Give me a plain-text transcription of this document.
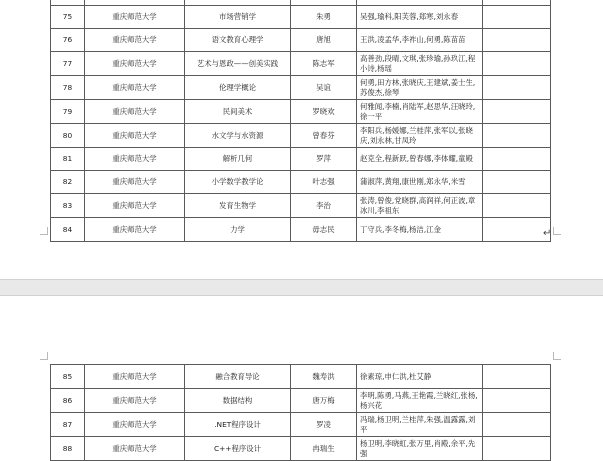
75	重庆师范大学	市场营销学	朱勇	吴强,瑜科,阳芙蓉,郑寒,刘永春	
76	重庆师范大学	语文教育心理学	唐旭	王洪,凌孟华,李祚山,何勇,陈苗苗	
77	重庆师范大学	艺术与恩政——创美实践	陈志军	高善劲,段晴,文琪,张珍瑜,孙玖江,程小诗,杨瑶	
78	重庆师范大学	伦理学概论	吴谊	何勇,田方林,张晓庆,王建斌,姜士生,苏俊杰,徐琴	
79	重庆师范大学	民间美术	罗晓欢	何雅闻,李楠,肖陆军,赵思华,汪晓玲,徐一平	
80	重庆师范大学	水文学与水资源	曾春芬	李阳兵,杨媛娜,兰桂萍,张军以,张晓庆,刘永林,甘凤玲	
81	重庆师范大学	解析几何	罗萍	赵克全,程新跃,曾春娜,李体耀,童殿	
82	重庆师范大学	小学数学教学论	叶志强	蒲淑萍,黄翔,康世刚,郑永华,米雪	
83	重庆师范大学	发育生物学	李治	张涛,曾俊,党晓群,高润祥,何正波,章冰川,李祖东	
84	重庆师范大学	力学	毋志民	丁守兵,李冬梅,杨洁,江金		↵
85	重庆师范大学	融合教育导论	魏寿洪	徐素琼,申仁洪,杜艾静	
86	重庆师范大学	数据结构	唐万梅	李明,陈勇,马燕,王艳霞,兰晓红,张杨,杨兴花	
87	重庆师范大学	.NET程序设计	罗凌	冯瑞,杨卫明,兰桂萍,朱强,温露露,刘平	
88	重庆师范大学	C++程序设计	冉瑞生	杨卫明,李晓虹,张万里,肖殿,余平,先强	
